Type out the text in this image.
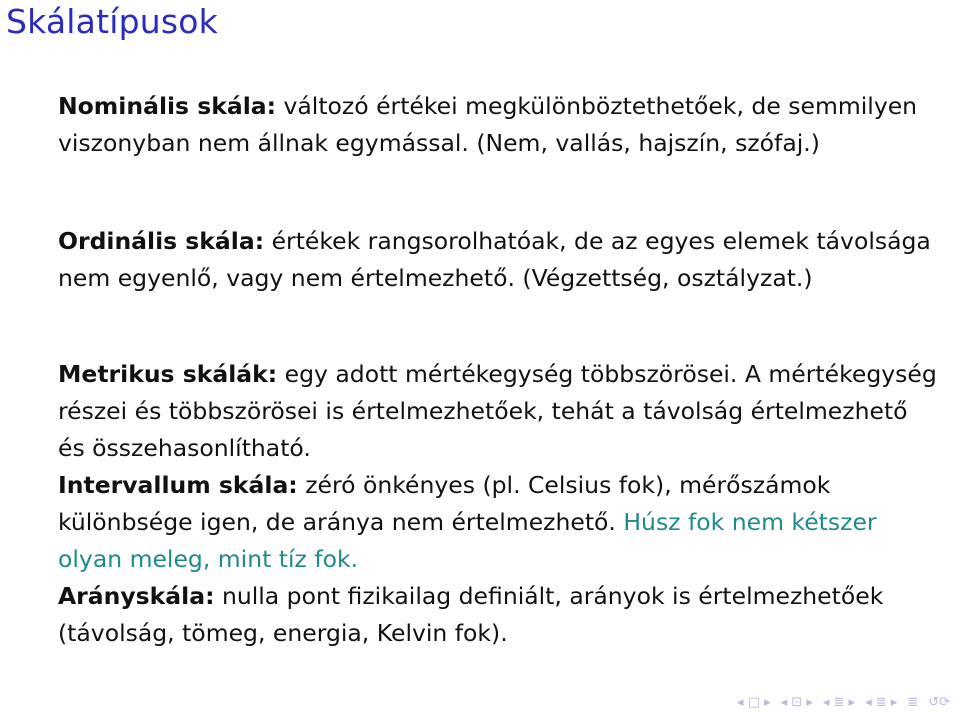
Skálatípusok

Nominális skála: változó értékei megkülönböztethetőek, de semmilyen viszonyban nem állnak egymással. (Nem, vallás, hajszín, szófaj.)

Ordinális skála: értékek rangsorolhatóak, de az egyes elemek távolsága nem egyenlő, vagy nem értelmezhető. (Végzettség, osztályzat.)

Metrikus skálák: egy adott mértékegység többszörösei. A mértékegység részei és többszörösei is értelmezhetőek, tehát a távolság értelmezhető és összehasonlítható.
Intervallum skála: zéró önkényes (pl. Celsius fok), mérőszámok különbsége igen, de aránya nem értelmezhető. Húsz fok nem kétszer olyan meleg, mint tíz fok.
Arányskála: nulla pont fizikailag definiált, arányok is értelmezhetőek (távolság, tömeg, energia, Kelvin fok).

◂ □ ▸ ◂ ⊡ ▸ ◂ ≣ ▸ ◂ ≣ ▸ ≣ ↺⟳
